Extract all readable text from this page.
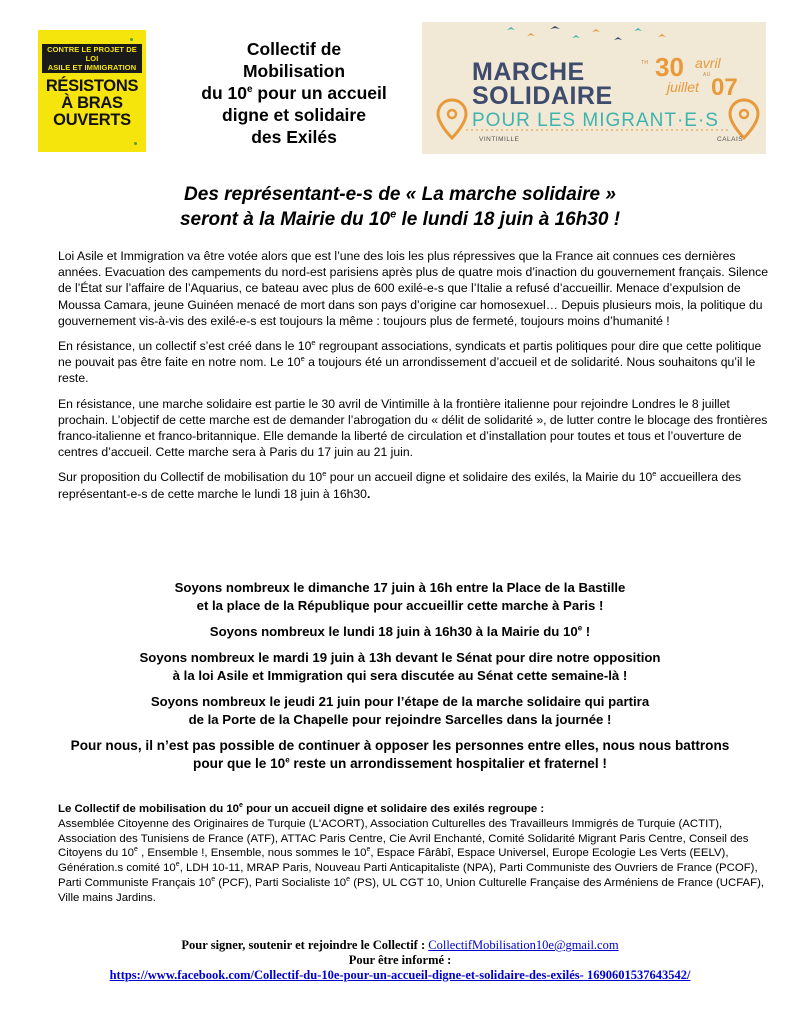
CONTRE LE PROJET DE LOI
ASILE ET IMMIGRATION
RÉSISTONS
À BRAS
OUVERTS
Collectif de
Mobilisation
du 10e pour un accueil
digne et solidaire
des Exilés
MARCHE
SOLIDAIRE
POUR LES MIGRANT·E·S
TH 30 avril
AU
juillet 07
VINTIMILLE	CALAIS
Des représentant-e-s de « La marche solidaire »
seront à la Mairie du 10e le lundi 18 juin à 16h30 !

Loi Asile et Immigration va être votée alors que est l’une des lois les plus répressives que la France ait connues ces dernières années. Evacuation des campements du nord-est parisiens après plus de quatre mois d’inaction du gouvernement français. Silence de l’État sur l’affaire de l’Aquarius, ce bateau avec plus de 600 exilé-e-s que l’Italie a refusé d’accueillir. Menace d’expulsion de Moussa Camara, jeune Guinéen menacé de mort dans son pays d’origine car homosexuel… Depuis plusieurs mois, la politique du gouvernement vis-à-vis des exilé-e-s est toujours la même : toujours plus de fermeté, toujours moins d’humanité !

En résistance, un collectif s’est créé dans le 10e regroupant associations, syndicats et partis politiques pour dire que cette politique ne pouvait pas être faite en notre nom. Le 10e a toujours été un arrondissement d’accueil et de solidarité. Nous souhaitons qu’il le reste.

En résistance, une marche solidaire est partie le 30 avril de Vintimille à la frontière italienne pour rejoindre Londres le 8 juillet prochain. L’objectif de cette marche est de demander l’abrogation du « délit de solidarité », de lutter contre le blocage des frontières franco-italienne et franco-britannique. Elle demande la liberté de circulation et d’installation pour toutes et tous et l’ouverture de centres d’accueil. Cette marche sera à Paris du 17 juin au 21 juin.

Sur proposition du Collectif de mobilisation du 10e pour un accueil digne et solidaire des exilés, la Mairie du 10e accueillera des représentant-e-s de cette marche le lundi 18 juin à 16h30.

Soyons nombreux le dimanche 17 juin à 16h entre la Place de la Bastille
et la place de la République pour accueillir cette marche à Paris !

Soyons nombreux le lundi 18 juin à 16h30 à la Mairie du 10e !

Soyons nombreux le mardi 19 juin à 13h devant le Sénat pour dire notre opposition
à la loi Asile et Immigration qui sera discutée au Sénat cette semaine-là !

Soyons nombreux le jeudi 21 juin pour l’étape de la marche solidaire qui partira
de la Porte de la Chapelle pour rejoindre Sarcelles dans la journée !

Pour nous, il n’est pas possible de continuer à opposer les personnes entre elles, nous nous battrons
pour que le 10e reste un arrondissement hospitalier et fraternel !

Le Collectif de mobilisation du 10e pour un accueil digne et solidaire des exilés regroupe :
Assemblée Citoyenne des Originaires de Turquie (L'ACORT), Association Culturelles des Travailleurs Immigrés de Turquie (ACTIT), Association des Tunisiens de France (ATF), ATTAC Paris Centre, Cie Avril Enchanté, Comité Solidarité Migrant Paris Centre, Conseil des Citoyens du 10e , Ensemble !, Ensemble, nous sommes le 10e, Espace Fârâbî, Espace Universel, Europe Ecologie Les Verts (EELV), Génération.s comité 10e, LDH 10-11, MRAP Paris, Nouveau Parti Anticapitaliste (NPA), Parti Communiste des Ouvriers de France (PCOF), Parti Communiste Français 10e (PCF), Parti Socialiste 10e (PS), UL CGT 10, Union Culturelle Française des Arméniens de France (UCFAF), Ville mains Jardins.
Pour signer, soutenir et rejoindre le Collectif : CollectifMobilisation10e@gmail.com
Pour être informé :
https://www.facebook.com/Collectif-du-10e-pour-un-accueil-digne-et-solidaire-des-exilés- 1690601537643542/
